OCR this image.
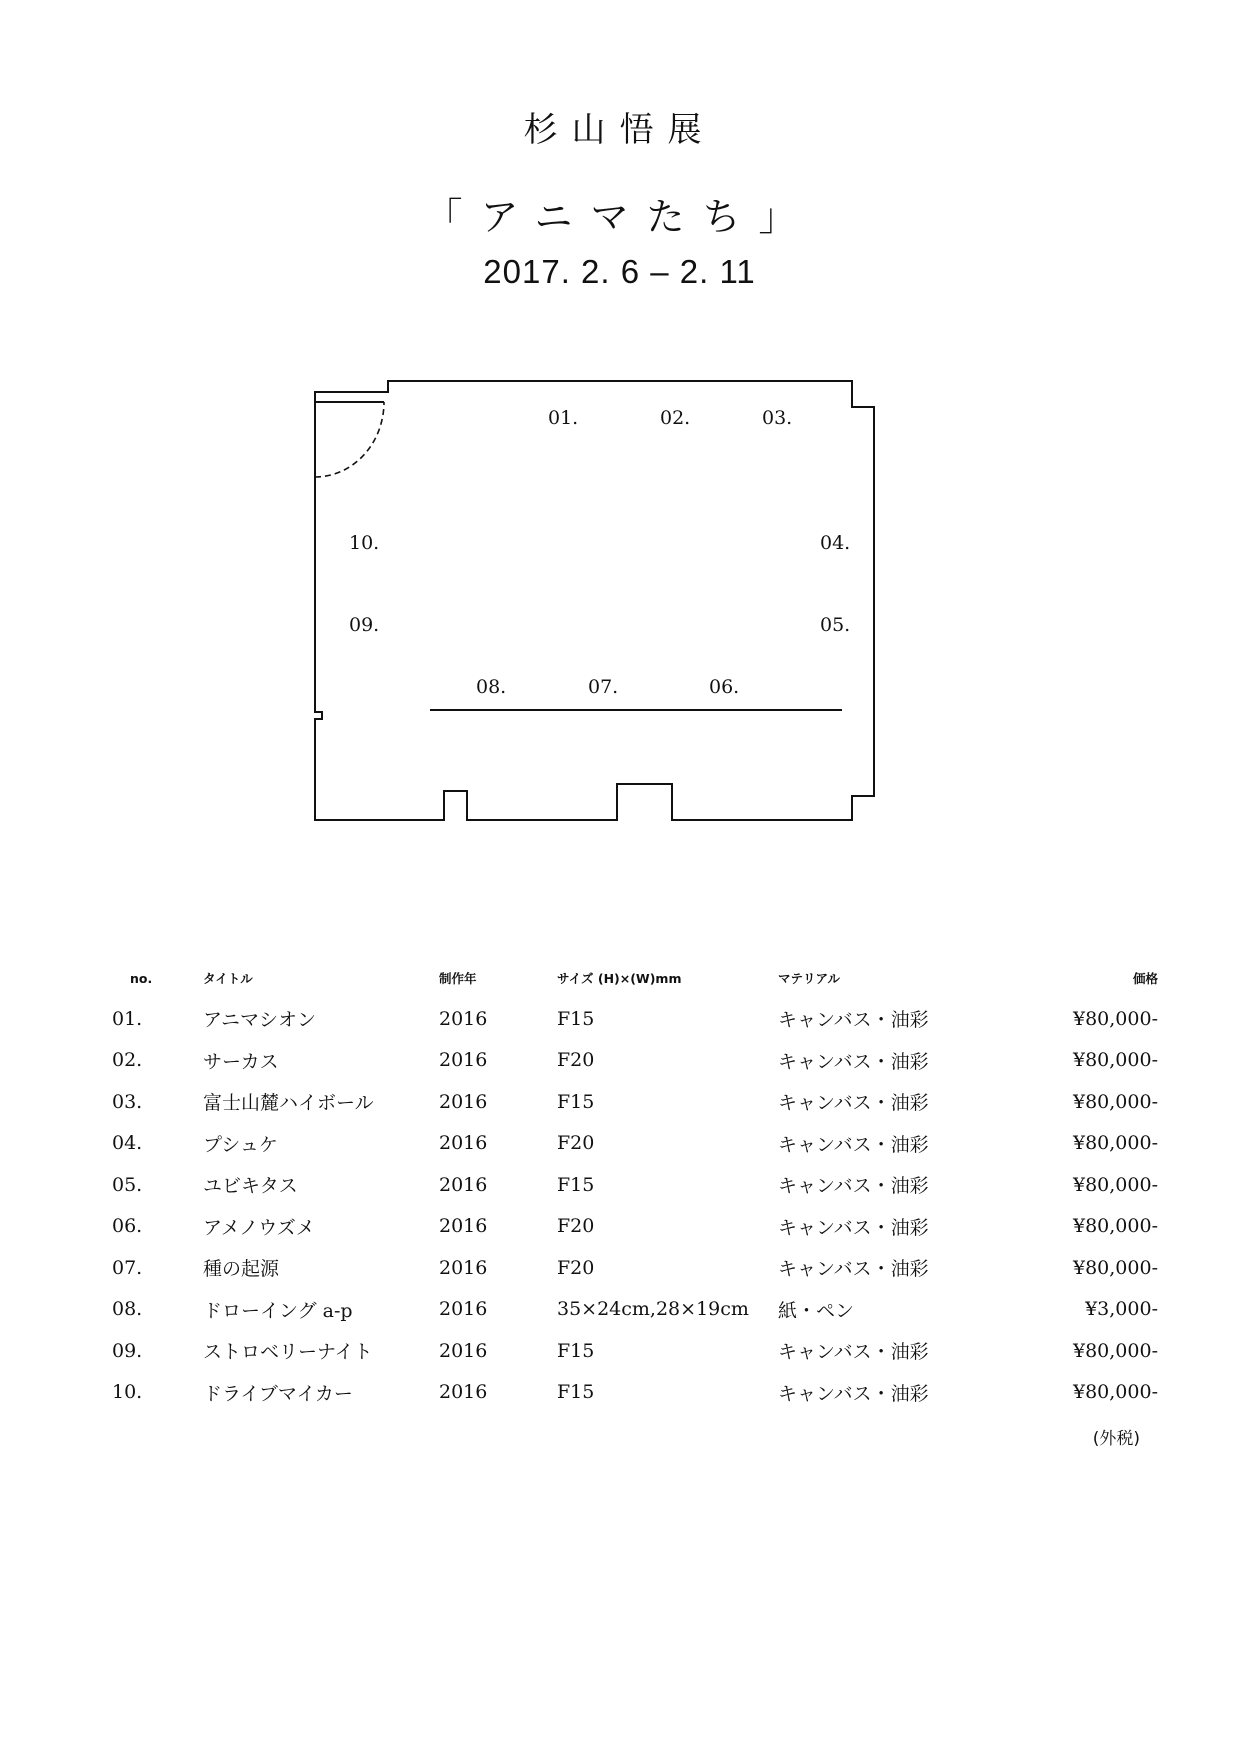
杉山悟展
「アニマたち」
2017. 2. 6 – 2. 11
01.	02.	03.
04.
05.
06.
07.
08.
09.
10.
no.	タイトル	制作年	サイズ (H)×(W)mm	マテリアル	価格
01.	アニマシオン	2016	F15	キャンバス・油彩	¥80,000-
02.	サーカス	2016	F20	キャンバス・油彩	¥80,000-
03.	富士山麓ハイボール	2016	F15	キャンバス・油彩	¥80,000-
04.	プシュケ	2016	F20	キャンバス・油彩	¥80,000-
05.	ユビキタス	2016	F15	キャンバス・油彩	¥80,000-
06.	アメノウズメ	2016	F20	キャンバス・油彩	¥80,000-
07.	種の起源	2016	F20	キャンバス・油彩	¥80,000-
08.	ドローイング a-p	2016	35×24cm,28×19cm	紙・ペン	¥3,000-
09.	ストロベリーナイト	2016	F15	キャンバス・油彩	¥80,000-
10.	ドライブマイカー	2016	F15	キャンバス・油彩	¥80,000-
(外税)
